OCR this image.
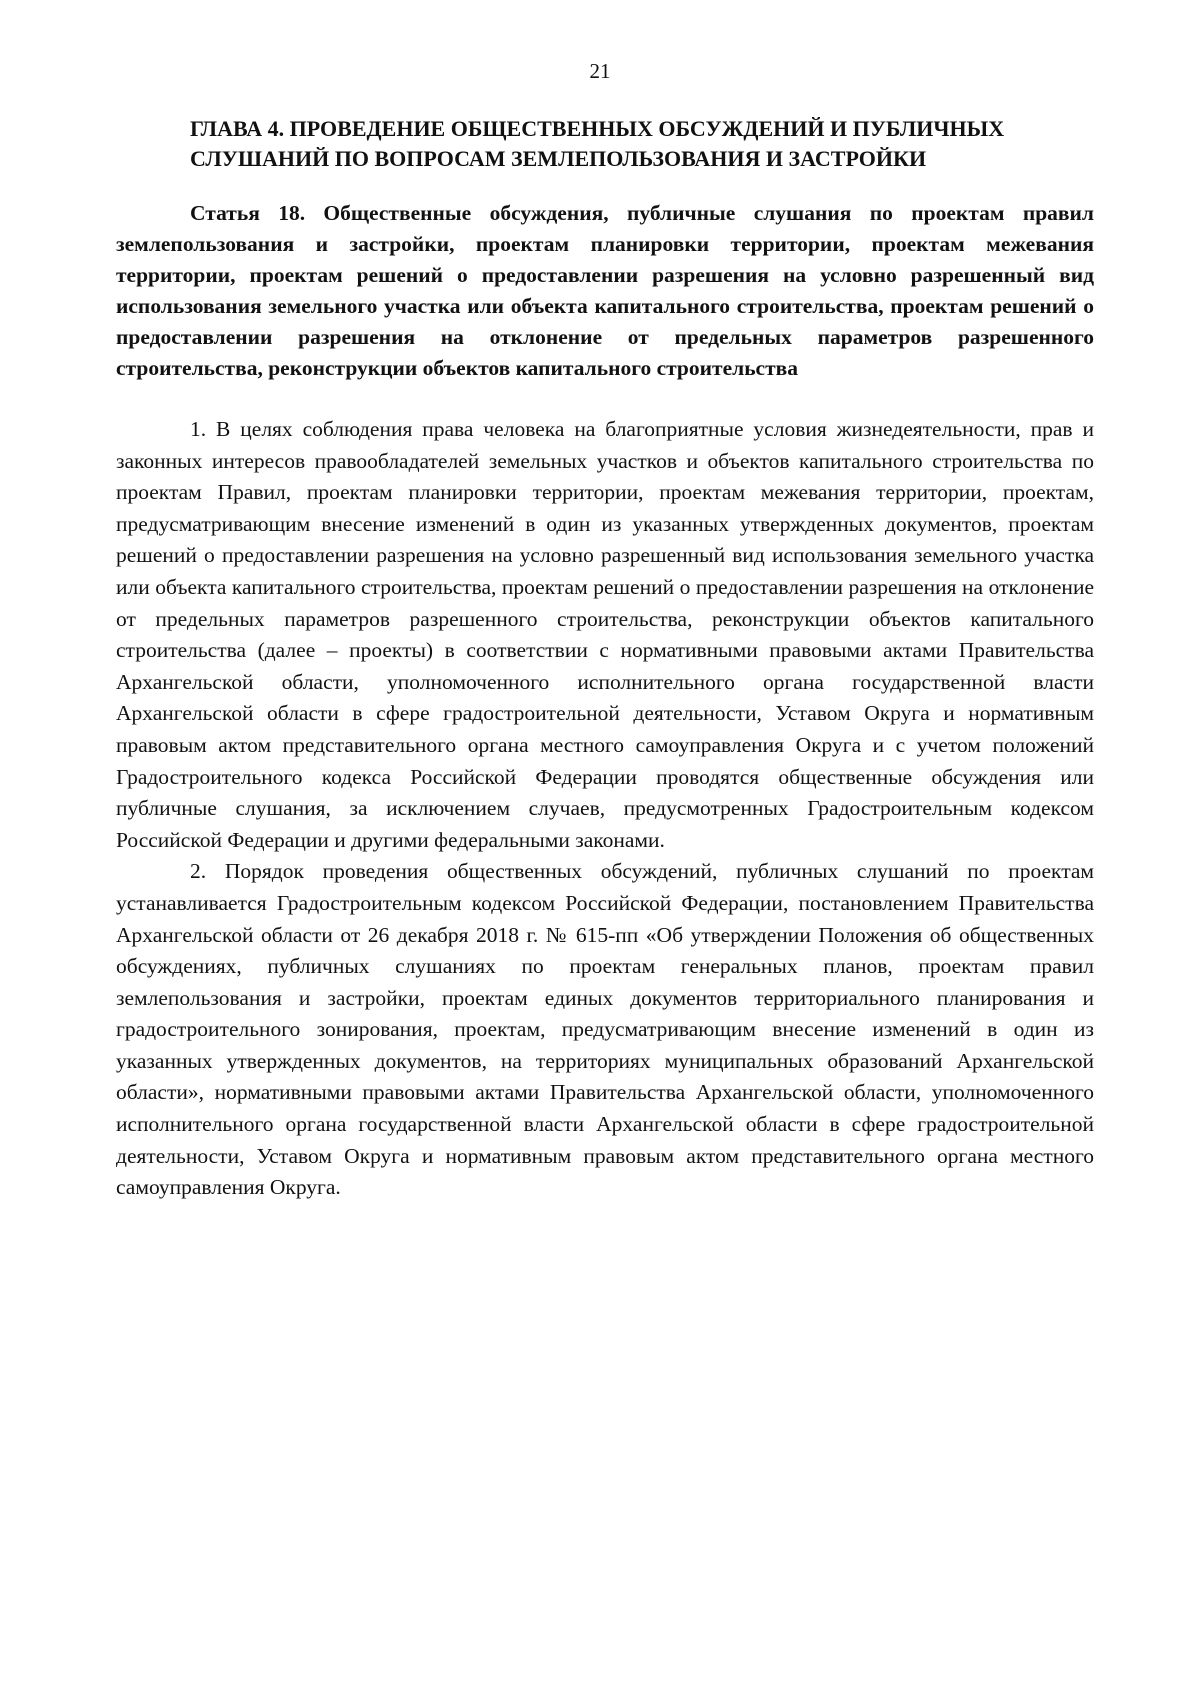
21
ГЛАВА 4. ПРОВЕДЕНИЕ ОБЩЕСТВЕННЫХ ОБСУЖДЕНИЙ И ПУБЛИЧНЫХ СЛУШАНИЙ ПО ВОПРОСАМ ЗЕМЛЕПОЛЬЗОВАНИЯ И ЗАСТРОЙКИ
Статья 18. Общественные обсуждения, публичные слушания по проектам правил землепользования и застройки, проектам планировки территории, проектам межевания территории, проектам решений о предоставлении разрешения на условно разрешенный вид использования земельного участка или объекта капитального строительства, проектам решений о предоставлении разрешения на отклонение от предельных параметров разрешенного строительства, реконструкции объектов капитального строительства

1. В целях соблюдения права человека на благоприятные условия жизнедеятельности, прав и законных интересов правообладателей земельных участков и объектов капитального строительства по проектам Правил, проектам планировки территории, проектам межевания территории, проектам, предусматривающим внесение изменений в один из указанных утвержденных документов, проектам решений о предоставлении разрешения на условно разрешенный вид использования земельного участка или объекта капитального строительства, проектам решений о предоставлении разрешения на отклонение от предельных параметров разрешенного строительства, реконструкции объектов капитального строительства (далее – проекты) в соответствии с нормативными правовыми актами Правительства Архангельской области, уполномоченного исполнительного органа государственной власти Архангельской области в сфере градостроительной деятельности, Уставом Округа и нормативным правовым актом представительного органа местного самоуправления Округа и с учетом положений Градостроительного кодекса Российской Федерации проводятся общественные обсуждения или публичные слушания, за исключением случаев, предусмотренных Градостроительным кодексом Российской Федерации и другими федеральными законами.

2. Порядок проведения общественных обсуждений, публичных слушаний по проектам устанавливается Градостроительным кодексом Российской Федерации, постановлением Правительства Архангельской области от 26 декабря 2018 г. № 615-пп «Об утверждении Положения об общественных обсуждениях, публичных слушаниях по проектам генеральных планов, проектам правил землепользования и застройки, проектам единых документов территориального планирования и градостроительного зонирования, проектам, предусматривающим внесение изменений в один из указанных утвержденных документов, на территориях муниципальных образований Архангельской области», нормативными правовыми актами Правительства Архангельской области, уполномоченного исполнительного органа государственной власти Архангельской области в сфере градостроительной деятельности, Уставом Округа и нормативным правовым актом представительного органа местного самоуправления Округа.
